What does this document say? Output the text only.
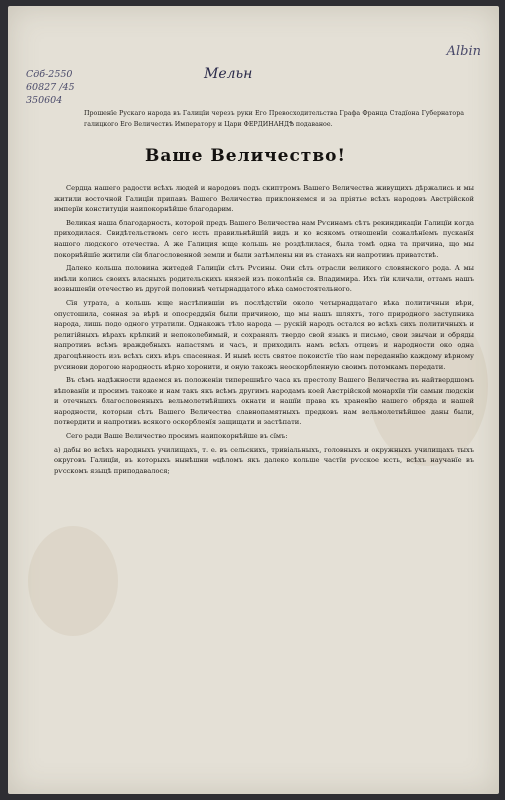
Albin
Мельн
Сдб-2550
60827 /45
350604
Прошенїе Рускаго народа въ Галицїи черезъ руки Его Превосходительства Графа Франца Стадїона Губернатора галицкого Его Величествъ Императору и Цари ФЕРДИНАНДѢ подаваное.
Ваше Величество!

Сердца нашего радости всѣхъ людей и народовъ подъ скиптромъ Вашего Величества живущихъ дѣржались и мы житили восточной Галицїи припавъ Вашего Величества приклоняемся и за пріятье всѣхъ народовъ Австрійской имперїи конституціи наипокорнѣйше благодарим.

Великая наша благодарность, которой предъ Вашего Величества нам Рѵсинамъ сѣтъ рекиндикацїи Галицїи когда приходилася. Свидѣтельствомъ сего ѥсть правильнѣйшїй видъ и ко всякомъ отношенїи сожалѣнїемъ пусканїя нашого людского отечества. А же Галиция ѥще кольшь не роздѣлилася, была томѣ одна та причина, що мы покорнѣйшїе житили сїи благословенной земли и были затѣмлены ни въ станахъ ни напротивъ приватствѣ.

Далеко кольша половина житедей Галицїи сѣтъ Рѵсины. Они сѣть отрасли великого словянского рода. А мы имѣли колись своихъ власныхъ родительскихъ князей изъ поколѣнїя св. Владимира. Ихъ тїи кличали, оттамъ нашъ возвышенїи отечество въ другой половинѣ четырнадцатого вѣка самостоятельного.

Сїя утрата, а кольшь ѥще настѣпившіи въ послѣдствїи около четырнадцатаго вѣка политичныи вѣри, опустошила, сонная за вѣрѣ и опосредднїя были причиною, що мы нашъ шляхтъ, того природного заступника народа, лишь подо одного утратили. Однакожъ тѣло народа — рускій народъ остался во всѣхъ сихъ политичныхъ и религійныхъ вѣрахъ крѣпкий и непоколебимый, и сохранялъ твердо свой языкъ и письмо, свои звычаи и обряды напротивъ всѣмъ враждебныхъ напастямъ и часъ, и приходилъ намъ всѣхъ отцевъ и народности око одна драгоцѣнность изъ всѣхъ сихъ вѣръ спасенная. И нынѣ ѥсть святое покоистїе тїю нам переданнїю каждому вѣрному рѵсинови дорогою народность вѣрно хоронити, и оную такожъ неоскорбленную своимъ потомкамъ передати.

Въ сѣмъ надѣжности вдаемся въ положеніи типерешнѣго часа къ престолу Вашего Величества въ найтвердшомъ вѣпованїи и просимъ такоже и нам такъ якъ всѣмъ другимъ народамъ коей Австрійской монархїи тїи самыи людскіи и отечныхъ благословенныхъ вельмолетнѣйшихъ окнати и нашїи права къ храненїю нашего обряда и нашей народности, которыи сѣтъ Вашего Величества славнопамятныхъ предковъ нам вельмолетнѣйшее даны были, потвердити и напротивъ всякого оскорбленїя защищати и застѣпати.

Сего ради Ваше Величество просимъ наипокорнѣйше въ сїмъ:

а) дабы во всѣхъ народныхъ училищахъ, т. е. въ сельскихъ, тривіальныхъ, головныхъ и окружныхъ училищахъ тыхъ округовъ Галицїи, въ которыхъ нынѣшни ѡцѣломъ якъ далеко кольше частїи рѵсское ѥсть, всѣхъ научанїе въ рѵсскомъ языцѣ приподавалося;
